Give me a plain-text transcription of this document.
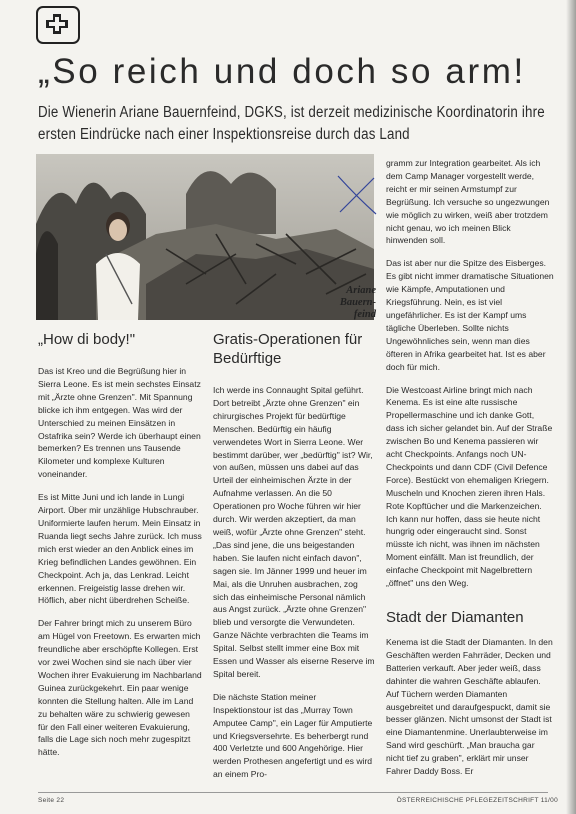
„So reich und doch so arm!
Die Wienerin Ariane Bauernfeind, DGKS, ist derzeit medizinische Koordinatorin ihre ersten Eindrücke nach einer Inspektionsreise durch das Land
Ariane
Bauern-
feind
„How di body!"

Das ist Kreo und die Begrüßung hier in Sierra Leone. Es ist mein sechstes Einsatz mit „Ärzte ohne Grenzen". Mit Spannung blicke ich ihm entgegen. Was wird der Unterschied zu meinen Einsätzen in Ostafrika sein? Werde ich überhaupt einen bemerken? Es trennen uns Tausende Kilometer und komplexe Kulturen voneinander.

Es ist Mitte Juni und ich lande in Lungi Airport. Über mir unzählige Hubschrauber. Uniformierte laufen herum. Mein Einsatz in Ruanda liegt sechs Jahre zurück. Ich muss mich erst wieder an den Anblick eines im Krieg befindlichen Landes gewöhnen. Ein Checkpoint. Ach ja, das Lenkrad. Leicht erkennen. Freigeistig lasse drehen wir. Höflich, aber nicht überdrehen Scheiße.

Der Fahrer bringt mich zu unserem Büro am Hügel von Freetown. Es erwarten mich freundliche aber erschöpfte Kollegen. Erst vor zwei Wochen sind sie nach über vier Wochen ihrer Evakuierung im Nachbarland Guinea zurückgekehrt. Ein paar wenige konnten die Stellung halten. Alle im Land zu behalten wäre zu schwierig gewesen für den Fall einer weiteren Evakuierung, falls die Lage sich noch mehr zugespitzt hätte.

Gratis-Operationen für
Bedürftige

Ich werde ins Connaught Spital geführt. Dort betreibt „Ärzte ohne Grenzen" ein chirurgisches Projekt für bedürftige Menschen. Bedürftig ein häufig verwendetes Wort in Sierra Leone. Wer bestimmt darüber, wer „bedürftig" ist? Wir, von außen, müssen uns dabei auf das Urteil der einheimischen Ärzte in der Aufnahme verlassen. An die 50 Operationen pro Woche führen wir hier durch. Wir werden akzeptiert, da man weiß, wofür „Ärzte ohne Grenzen" steht. „Das sind jene, die uns beigestanden haben. Sie laufen nicht einfach davon", sagen sie. Im Jänner 1999 und heuer im Mai, als die Unruhen ausbrachen, zog sich das einheimische Personal nämlich aus Angst zurück. „Ärzte ohne Grenzen" blieb und versorgte die Verwundeten. Ganze Nächte verbrachten die Teams im Spital. Selbst stellt immer eine Box mit Essen und Wasser als eiserne Reserve im Spital bereit.

Die nächste Station meiner Inspektionstour ist das „Murray Town Amputee Camp", ein Lager für Amputierte und Kriegsversehrte. Es beherbergt rund 400 Verletzte und 600 Angehörige. Hier werden Prothesen angefertigt und es wird an einem Pro-

gramm zur Integration gearbeitet. Als ich dem Camp Manager vorgestellt werde, reicht er mir seinen Armstumpf zur Begrüßung. Ich versuche so ungezwungen wie möglich zu wirken, weiß aber trotzdem nicht genau, wo ich meinen Blick hinwenden soll.

Das ist aber nur die Spitze des Eisberges. Es gibt nicht immer dramatische Situationen wie Kämpfe, Amputationen und Kriegsführung. Nein, es ist viel ungefährlicher. Es ist der Kampf ums tägliche Überleben. Sollte nichts Ungewöhnliches sein, wenn man dies öfteren in Afrika gearbeitet hat. Ist es aber doch für mich.

Die Westcoast Airline bringt mich nach Kenema. Es ist eine alte russische Propellermaschine und ich danke Gott, dass ich sicher gelandet bin. Auf der Straße zwischen Bo und Kenema passieren wir acht Checkpoints. Anfangs noch UN-Checkpoints und dann CDF (Civil Defence Force). Bestückt von ehemaligen Kriegern. Muscheln und Knochen zieren ihren Hals. Rote Kopftücher und die Markenzeichen. Ich kann nur hoffen, dass sie heute nicht hungrig oder eingeraucht sind. Sonst müsste ich nicht, was ihnen im nächsten Moment einfällt. Man ist freundlich, der einfache Checkpoint mit Nagelbrettern „öffnet" uns den Weg.

Stadt der Diamanten

Kenema ist die Stadt der Diamanten. In den Geschäften werden Fahrräder, Decken und Batterien verkauft. Aber jeder weiß, dass dahinter die wahren Geschäfte ablaufen. Auf Tüchern werden Diamanten ausgebreitet und daraufgespuckt, damit sie besser glänzen. Nicht umsonst der Stadt ist eine Diamantenmine. Unerlaubterweise im Sand wird geschürft. „Man braucha gar nicht tief zu graben", erklärt mir unser Fahrer Daddy Boss. Er

Seite 22	ÖSTERREICHISCHE PFLEGEZEITSCHRIFT 11/00
